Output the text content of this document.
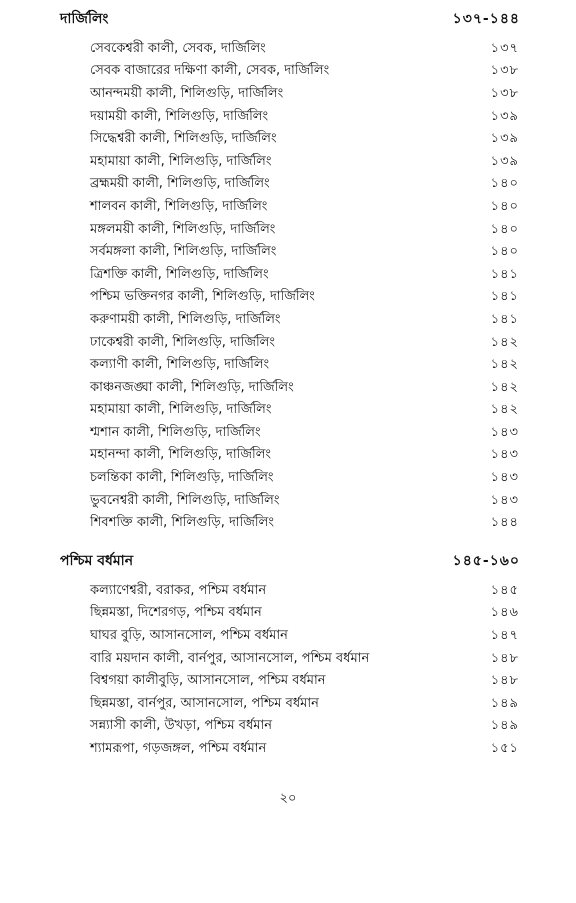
দার্জিলিং	১৩৭-১৪৪
সেবকেশ্বরী কালী, সেবক, দার্জিলিং	১৩৭
সেবক বাজারের দক্ষিণা কালী, সেবক, দার্জিলিং	১৩৮
আনন্দময়ী কালী, শিলিগুড়ি, দার্জিলিং	১৩৮
দয়াময়ী কালী, শিলিগুড়ি, দার্জিলিং	১৩৯
সিদ্ধেশ্বরী কালী, শিলিগুড়ি, দার্জিলিং	১৩৯
মহামায়া কালী, শিলিগুড়ি, দার্জিলিং	১৩৯
ব্রহ্মময়ী কালী, শিলিগুড়ি, দার্জিলিং	১৪০
শালবন কালী, শিলিগুড়ি, দার্জিলিং	১৪০
মঙ্গলময়ী কালী, শিলিগুড়ি, দার্জিলিং	১৪০
সর্বমঙ্গলা কালী, শিলিগুড়ি, দার্জিলিং	১৪০
ত্রিশক্তি কালী, শিলিগুড়ি, দার্জিলিং	১৪১
পশ্চিম ভক্তিনগর কালী, শিলিগুড়ি, দার্জিলিং	১৪১
করুণাময়ী কালী, শিলিগুড়ি, দার্জিলিং	১৪১
ঢাকেশ্বরী কালী, শিলিগুড়ি, দার্জিলিং	১৪২
কল্যাণী কালী, শিলিগুড়ি, দার্জিলিং	১৪২
কাঞ্চনজঙ্ঘা কালী, শিলিগুড়ি, দার্জিলিং	১৪২
মহামায়া কালী, শিলিগুড়ি, দার্জিলিং	১৪২
শ্মশান কালী, শিলিগুড়ি, দার্জিলিং	১৪৩
মহানন্দা কালী, শিলিগুড়ি, দার্জিলিং	১৪৩
চলন্তিকা কালী, শিলিগুড়ি, দার্জিলিং	১৪৩
ভুবনেশ্বরী কালী, শিলিগুড়ি, দার্জিলিং	১৪৩
শিবশক্তি কালী, শিলিগুড়ি, দার্জিলিং	১৪৪
পশ্চিম বর্ধমান	১৪৫-১৬০
কল্যাণেশ্বরী, বরাকর, পশ্চিম বর্ধমান	১৪৫
ছিন্নমস্তা, দিশেরগড়, পশ্চিম বর্ধমান	১৪৬
ঘাঘর বুড়ি, আসানসোল, পশ্চিম বর্ধমান	১৪৭
বারি ময়দান কালী, বার্নপুর, আসানসোল, পশ্চিম বর্ধমান	১৪৮
বিশ্বগয়া কালীবুড়ি, আসানসোল, পশ্চিম বর্ধমান	১৪৮
ছিন্নমস্তা, বার্নপুর, আসানসোল, পশ্চিম বর্ধমান	১৪৯
সন্ন্যাসী কালী, উখড়া, পশ্চিম বর্ধমান	১৪৯
শ্যামরূপা, গড়জঙ্গল, পশ্চিম বর্ধমান	১৫১
২০
